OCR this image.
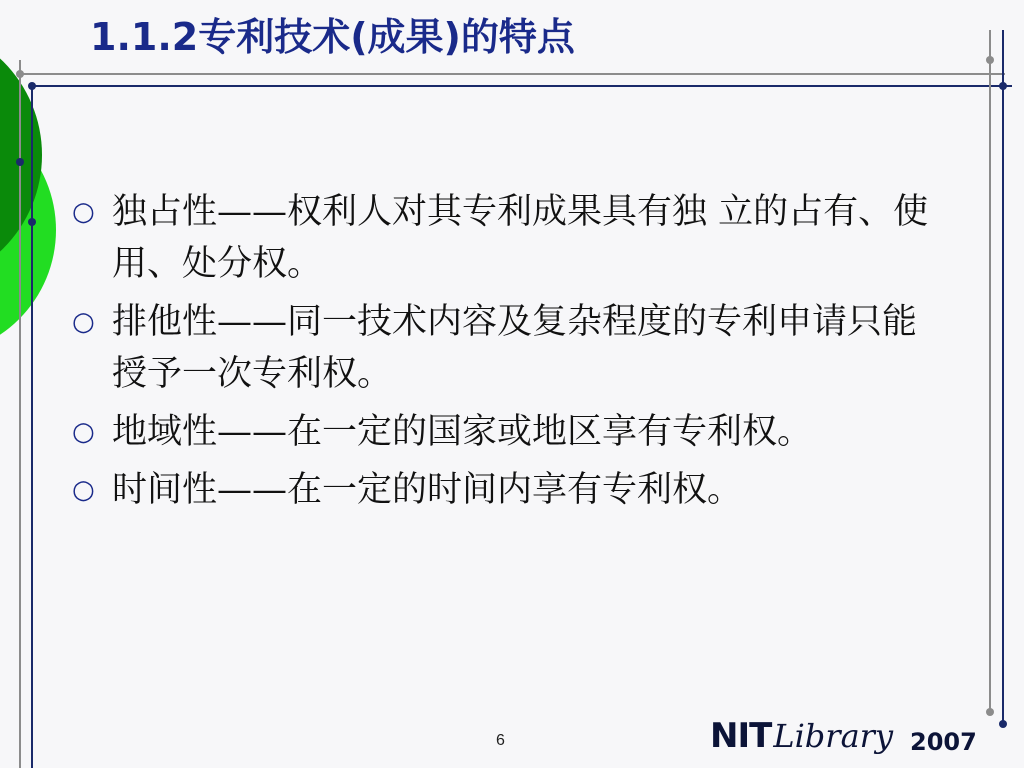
1.1.2专利技术(成果)的特点
○ 独占性——权利人对其专利成果具有独 立的占有、使用、处分权。
○ 排他性——同一技术内容及复杂程度的专利申请只能授予一次专利权。
○ 地域性——在一定的国家或地区享有专利权。
○ 时间性——在一定的时间内享有专利权。
6	NITLibrary 2007
